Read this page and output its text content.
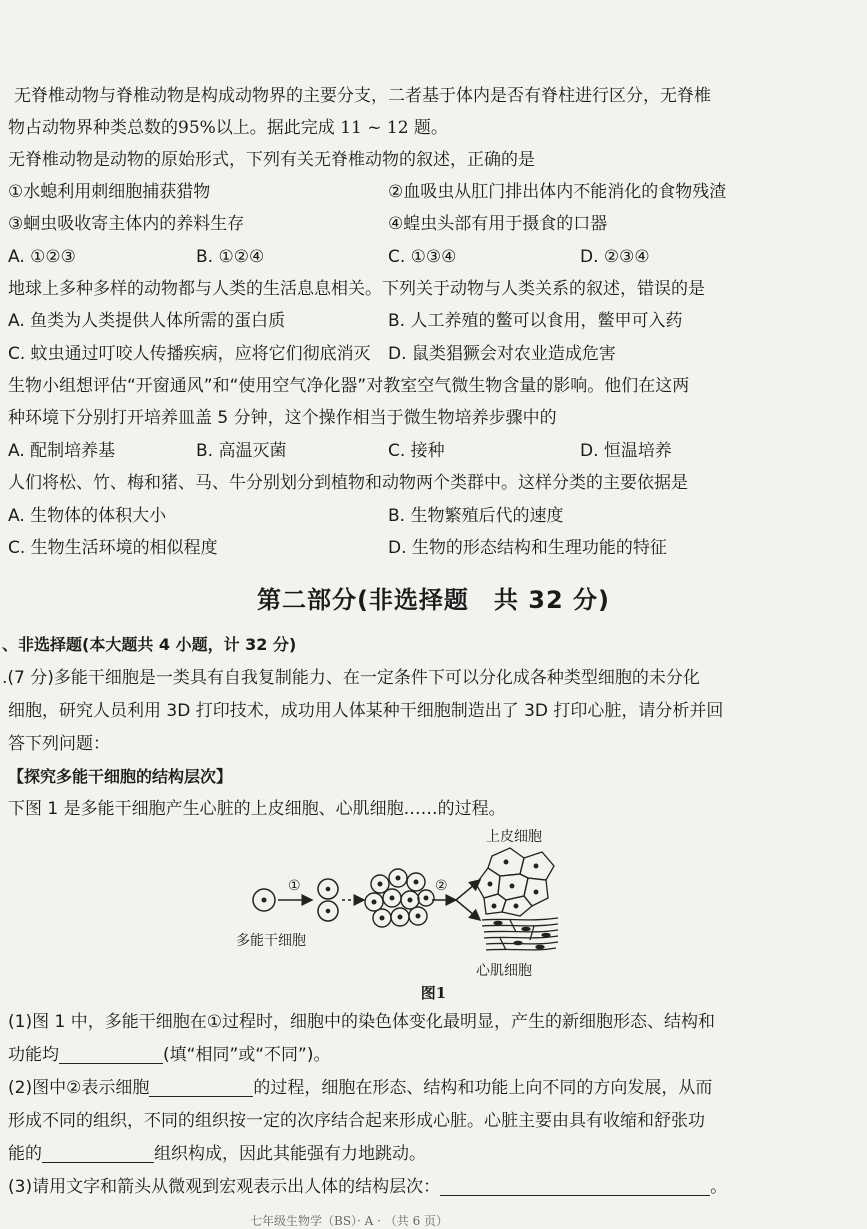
无脊椎动物与脊椎动物是构成动物界的主要分支，二者基于体内是否有脊柱进行区分，无脊椎
物占动物界种类总数的95%以上。据此完成 11 ~ 12 题。
无脊椎动物是动物的原始形式，下列有关无脊椎动物的叙述，正确的是
①水螅利用刺细胞捕获猎物	②血吸虫从肛门排出体内不能消化的食物残渣
③蛔虫吸收寄主体内的养料生存	④蝗虫头部有用于摄食的口器
A. ①②③	B. ①②④	C. ①③④	D. ②③④
地球上多种多样的动物都与人类的生活息息相关。下列关于动物与人类关系的叙述，错误的是
A. 鱼类为人类提供人体所需的蛋白质	B. 人工养殖的鳖可以食用，鳖甲可入药
C. 蚊虫通过叮咬人传播疾病，应将它们彻底消灭 D. 鼠类猖獗会对农业造成危害
生物小组想评估“开窗通风”和“使用空气净化器”对教室空气微生物含量的影响。他们在这两
种环境下分别打开培养皿盖 5 分钟，这个操作相当于微生物培养步骤中的
A. 配制培养基	B. 高温灭菌	C. 接种	D. 恒温培养
人们将松、竹、梅和猪、马、牛分别划分到植物和动物两个类群中。这样分类的主要依据是
A. 生物体的体积大小	B. 生物繁殖后代的速度
C. 生物生活环境的相似程度	D. 生物的形态结构和生理功能的特征
第二部分(非选择题　共 32 分)
、非选择题(本大题共 4 小题，计 32 分)
.(7 分)多能干细胞是一类具有自我复制能力、在一定条件下可以分化成各种类型细胞的未分化
细胞，研究人员利用 3D 打印技术，成功用人体某种干细胞制造出了 3D 打印心脏，请分析并回
答下列问题：
【探究多能干细胞的结构层次】
下图 1 是多能干细胞产生心脏的上皮细胞、心肌细胞……的过程。
①	②
多能干细胞
上皮细胞
心肌细胞
图1
(1)图 1 中，多能干细胞在①过程时，细胞中的染色体变化最明显，产生的新细胞形态、结构和
功能均	(填“相同”或“不同”)。
(2)图中②表示细胞	的过程，细胞在形态、结构和功能上向不同的方向发展，从而
形成不同的组织，不同的组织按一定的次序结合起来形成心脏。心脏主要由具有收缩和舒张功
能的	组织构成，因此其能强有力地跳动。
(3)请用文字和箭头从微观到宏观表示出人体的结构层次：	。
七年级生物学（BS）· A · （共 6 页）
